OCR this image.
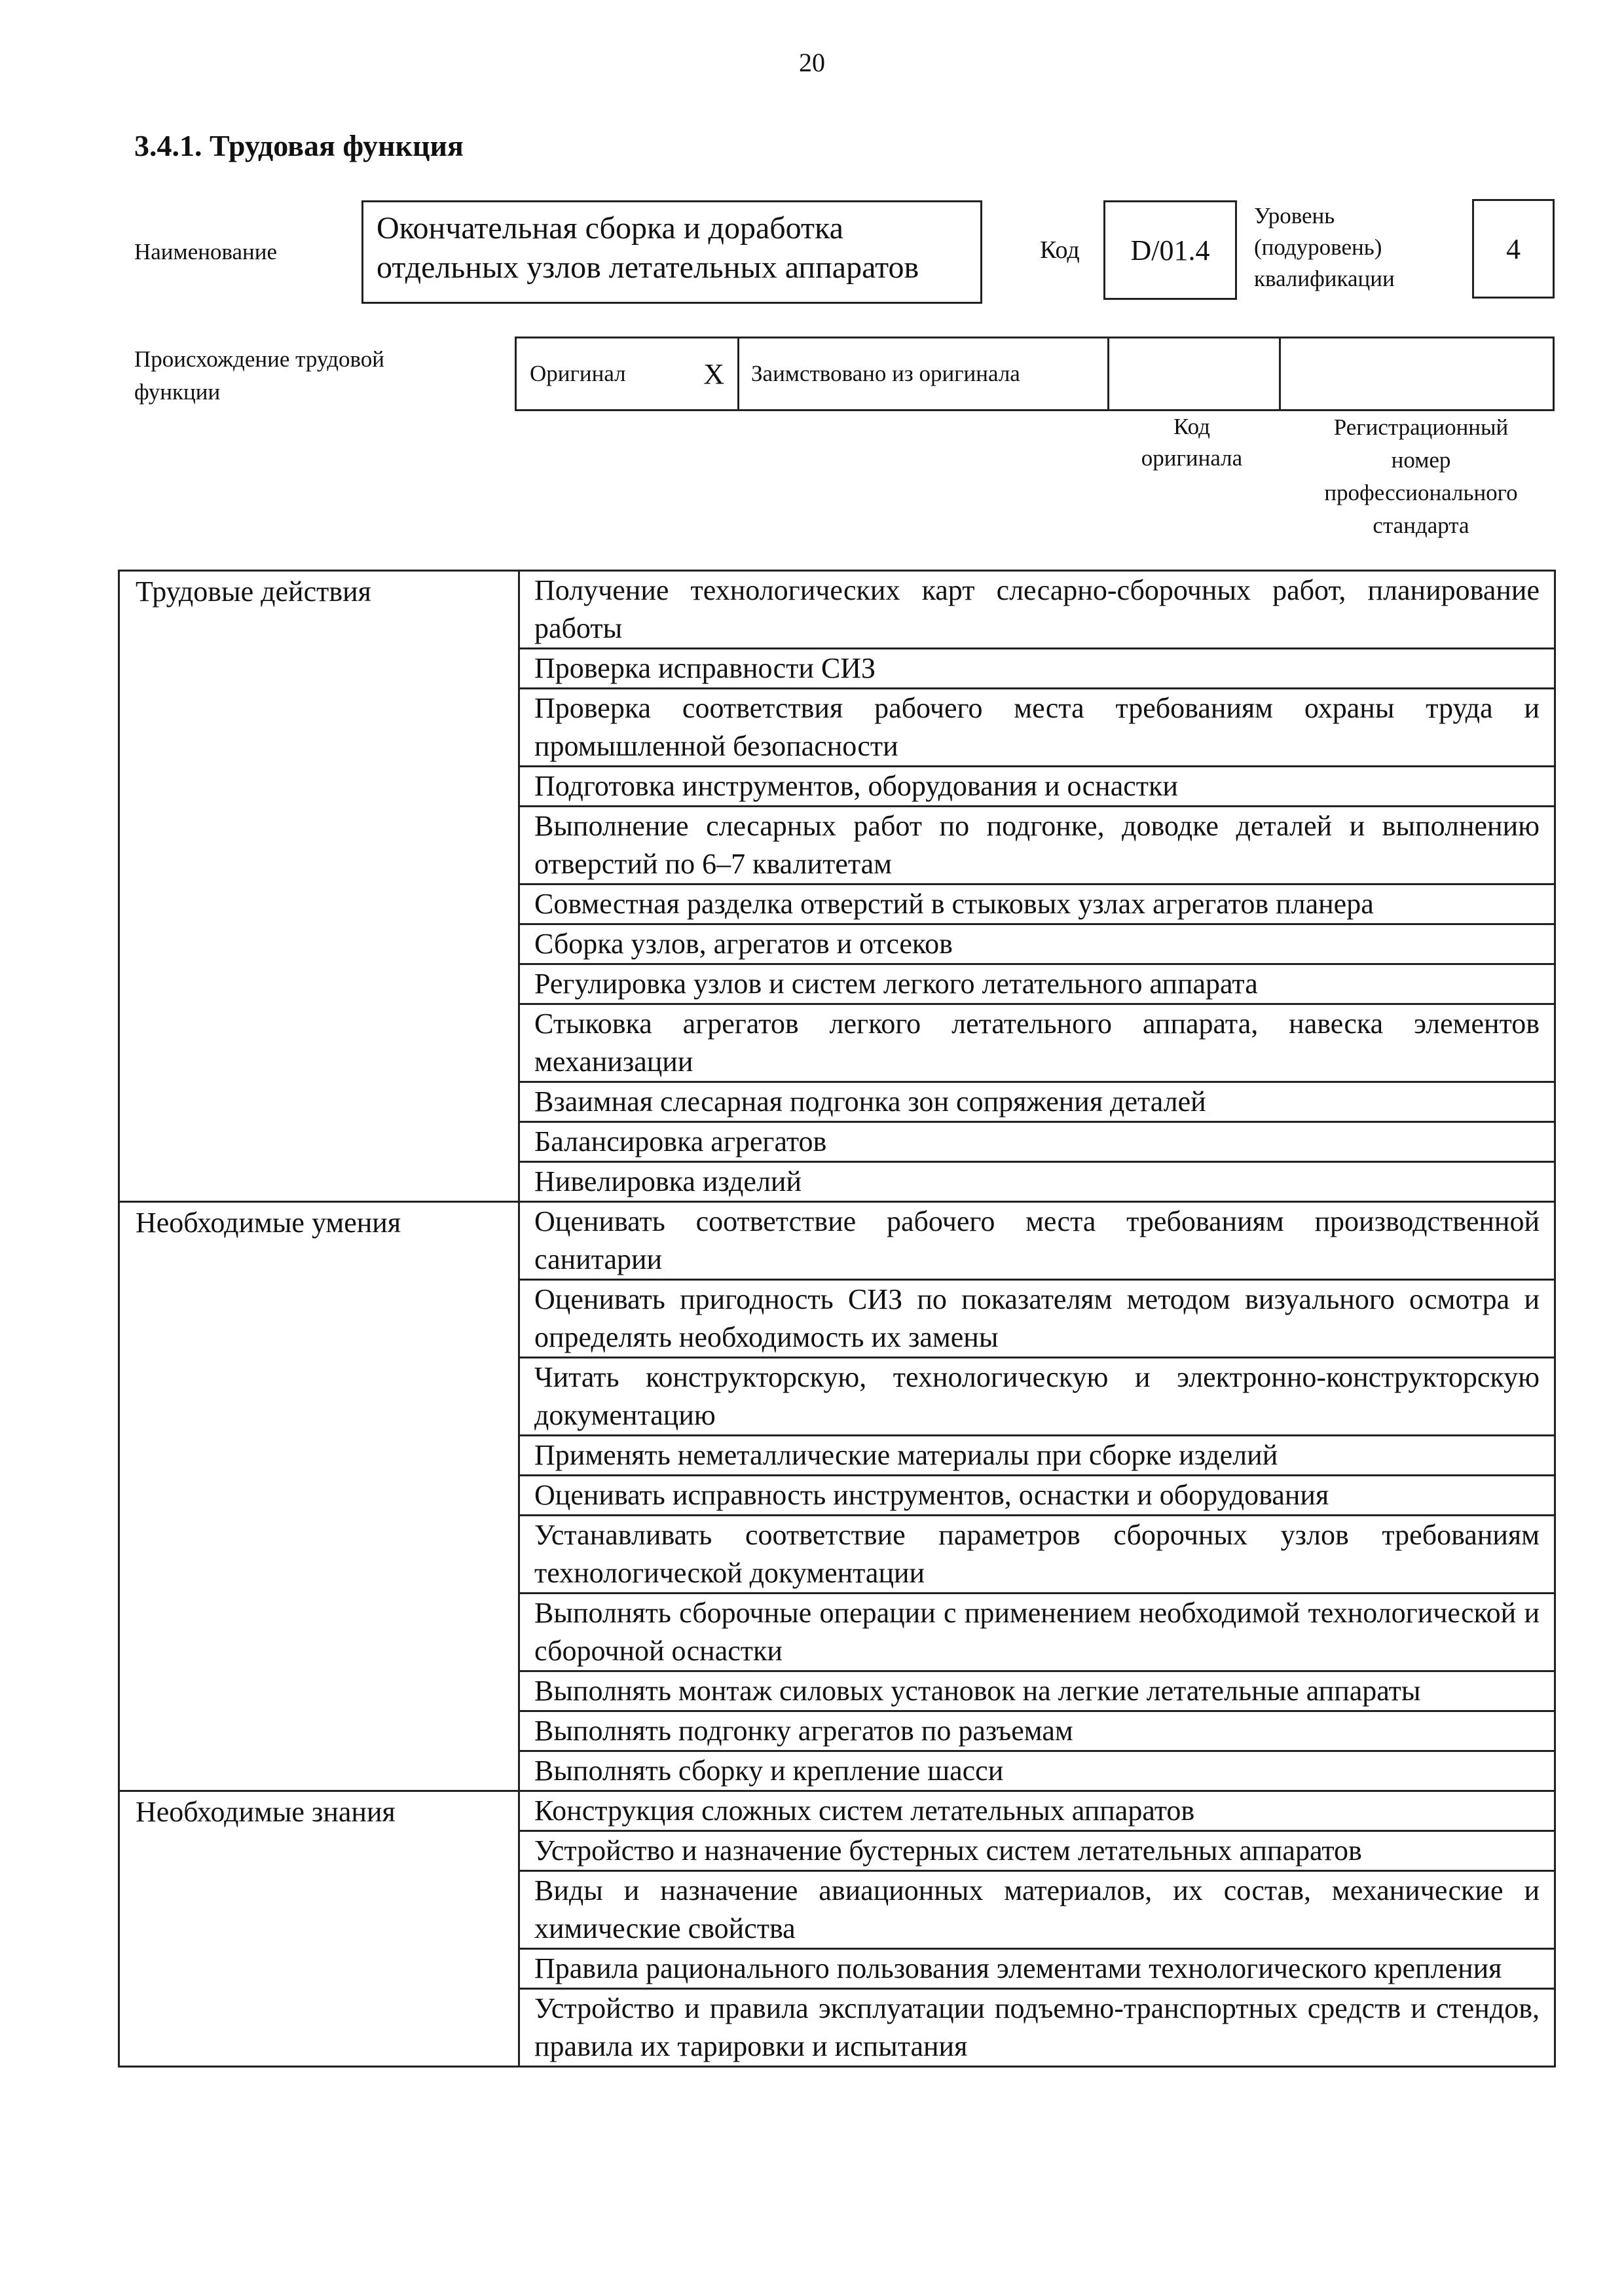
20
3.4.1. Трудовая функция
Наименование
Окончательная сборка и доработка отдельных узлов летательных аппаратов	Код D/01.4
Уровень
(подуровень)
квалификации
4
Происхождение трудовой
функции
Оригинал	X Заимствовано из оригинала
Код
оригинала
Регистрационный
номер
профессионального
стандарта
Трудовые действия	Получение технологических карт слесарно-сборочных работ, планирование работы
	Проверка исправности СИЗ
	Проверка соответствия рабочего места требованиям охраны труда и промышленной безопасности
	Подготовка инструментов, оборудования и оснастки
	Выполнение слесарных работ по подгонке, доводке деталей и выполнению отверстий по 6–7 квалитетам
	Совместная разделка отверстий в стыковых узлах агрегатов планера
	Сборка узлов, агрегатов и отсеков
	Регулировка узлов и систем легкого летательного аппарата
	Стыковка агрегатов легкого летательного аппарата, навеска элементов механизации
	Взаимная слесарная подгонка зон сопряжения деталей
	Балансировка агрегатов
	Нивелировка изделий
Необходимые умения	Оценивать соответствие рабочего места требованиям производственной санитарии
	Оценивать пригодность СИЗ по показателям методом визуального осмотра и определять необходимость их замены
	Читать конструкторскую, технологическую и электронно-конструкторскую документацию
	Применять неметаллические материалы при сборке изделий
	Оценивать исправность инструментов, оснастки и оборудования
	Устанавливать соответствие параметров сборочных узлов требованиям технологической документации
	Выполнять сборочные операции с применением необходимой технологической и сборочной оснастки
	Выполнять монтаж силовых установок на легкие летательные аппараты
	Выполнять подгонку агрегатов по разъемам
	Выполнять сборку и крепление шасси
Необходимые знания	Конструкция сложных систем летательных аппаратов
	Устройство и назначение бустерных систем летательных аппаратов
	Виды и назначение авиационных материалов, их состав, механические и химические свойства
	Правила рационального пользования элементами технологического крепления
	Устройство и правила эксплуатации подъемно-транспортных средств и стендов, правила их тарировки и испытания
